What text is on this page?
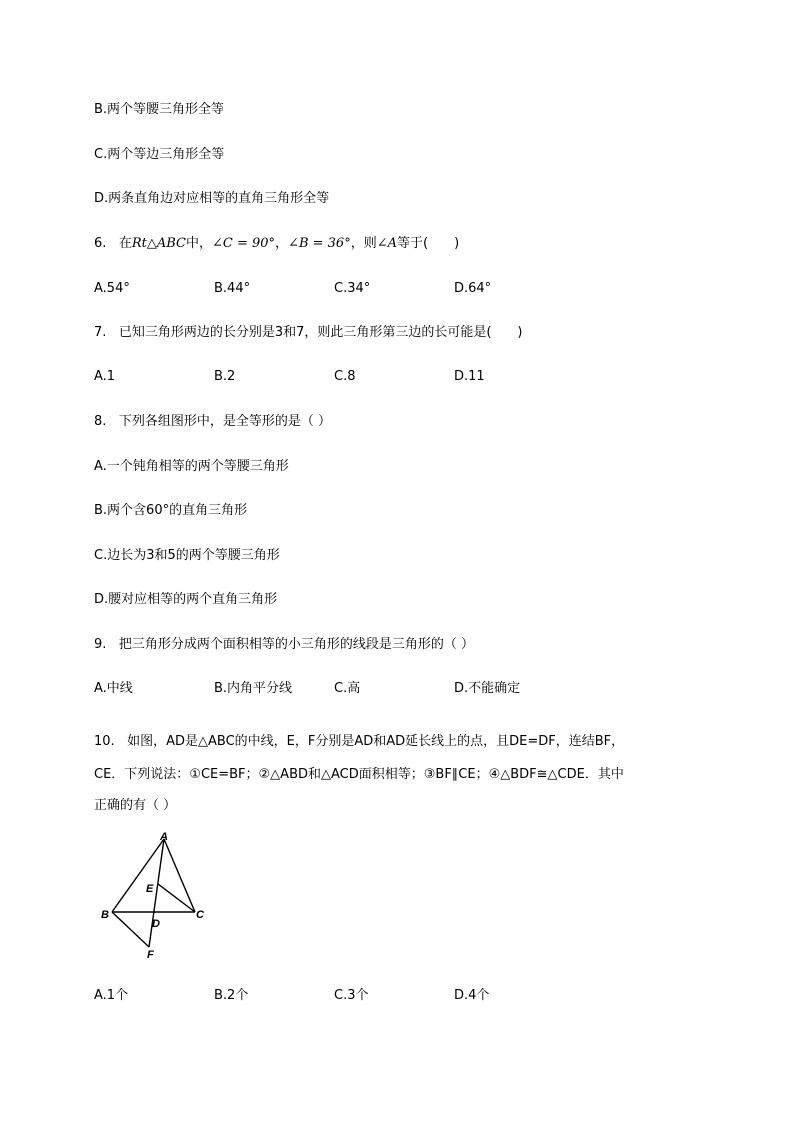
B.两个等腰三角形全等
C.两个等边三角形全等
D.两条直角边对应相等的直角三角形全等
6. 在Rt△ABC中，∠C = 90°，∠B = 36°，则∠A等于(　　)
A.54°	B.44°	C.34°	D.64°
7. 已知三角形两边的长分别是3和7，则此三角形第三边的长可能是(　　)
A.1	B.2	C.8	D.11
8. 下列各组图形中，是全等形的是（ ）
A.一个钝角相等的两个等腰三角形
B.两个含60°的直角三角形
C.边长为3和5的两个等腰三角形
D.腰对应相等的两个直角三角形
9. 把三角形分成两个面积相等的小三角形的线段是三角形的（ ）
A.中线	B.内角平分线	C.高	D.不能确定
10. 如图，AD是△ABC的中线，E，F分别是AD和AD延长线上的点，且DE=DF，连结BF，
CE．下列说法：①CE=BF；②△ABD和△ACD面积相等；③BF∥CE；④△BDF≅△CDE．其中
正确的有（ ）
A
B	C
D
E
F
A.1个	B.2个	C.3个	D.4个
